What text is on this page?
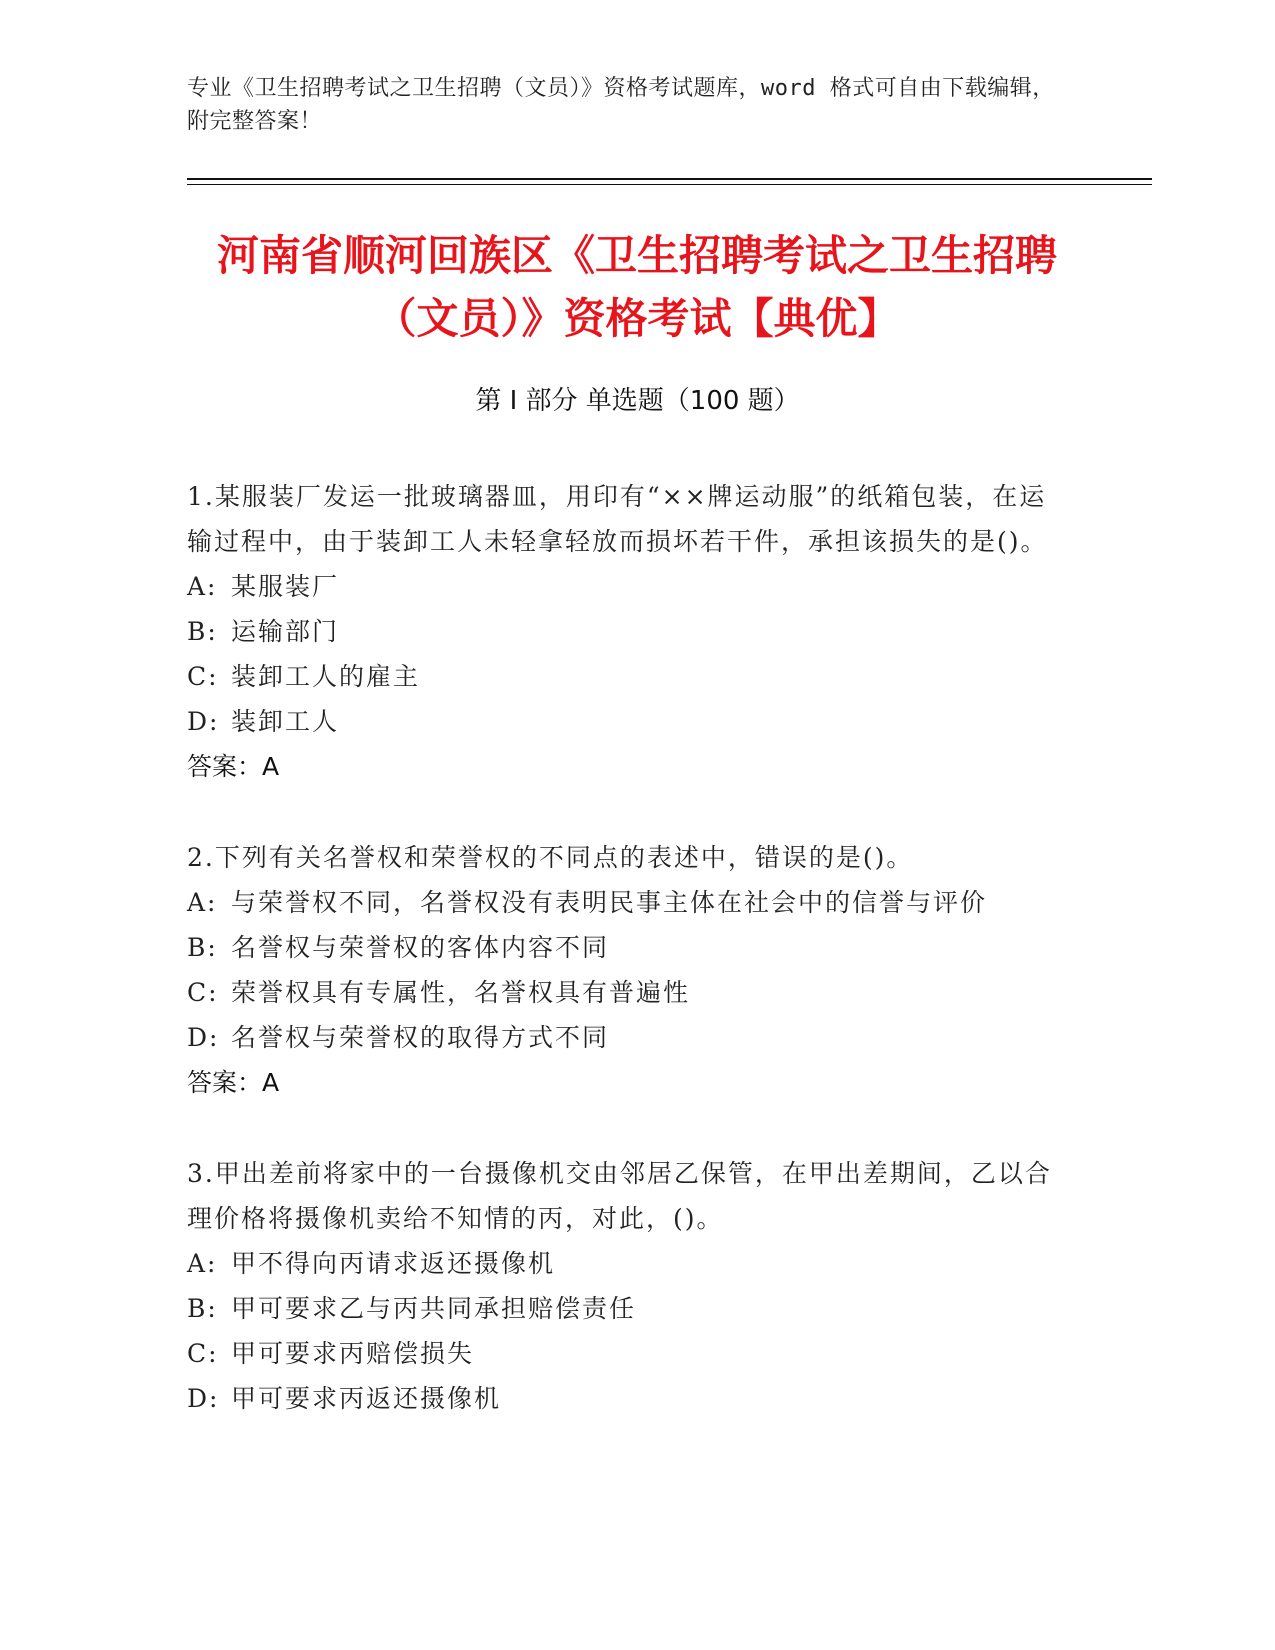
专业《卫生招聘考试之卫生招聘（文员）》资格考试题库，word 格式可自由下载编辑，附完整答案！
河南省顺河回族区《卫生招聘考试之卫生招聘（文员）》资格考试【典优】
第 I 部分 单选题（100 题）
1.某服装厂发运一批玻璃器皿，用印有“××牌运动服”的纸箱包装，在运输过程中，由于装卸工人未轻拿轻放而损坏若干件，承担该损失的是()。
A: 某服装厂
B: 运输部门
C: 装卸工人的雇主
D: 装卸工人
答案：A
2.下列有关名誉权和荣誉权的不同点的表述中，错误的是()。
A: 与荣誉权不同，名誉权没有表明民事主体在社会中的信誉与评价
B: 名誉权与荣誉权的客体内容不同
C: 荣誉权具有专属性，名誉权具有普遍性
D: 名誉权与荣誉权的取得方式不同
答案：A
3.甲出差前将家中的一台摄像机交由邻居乙保管，在甲出差期间，乙以合理价格将摄像机卖给不知情的丙，对此，()。
A: 甲不得向丙请求返还摄像机
B: 甲可要求乙与丙共同承担赔偿责任
C: 甲可要求丙赔偿损失
D: 甲可要求丙返还摄像机
